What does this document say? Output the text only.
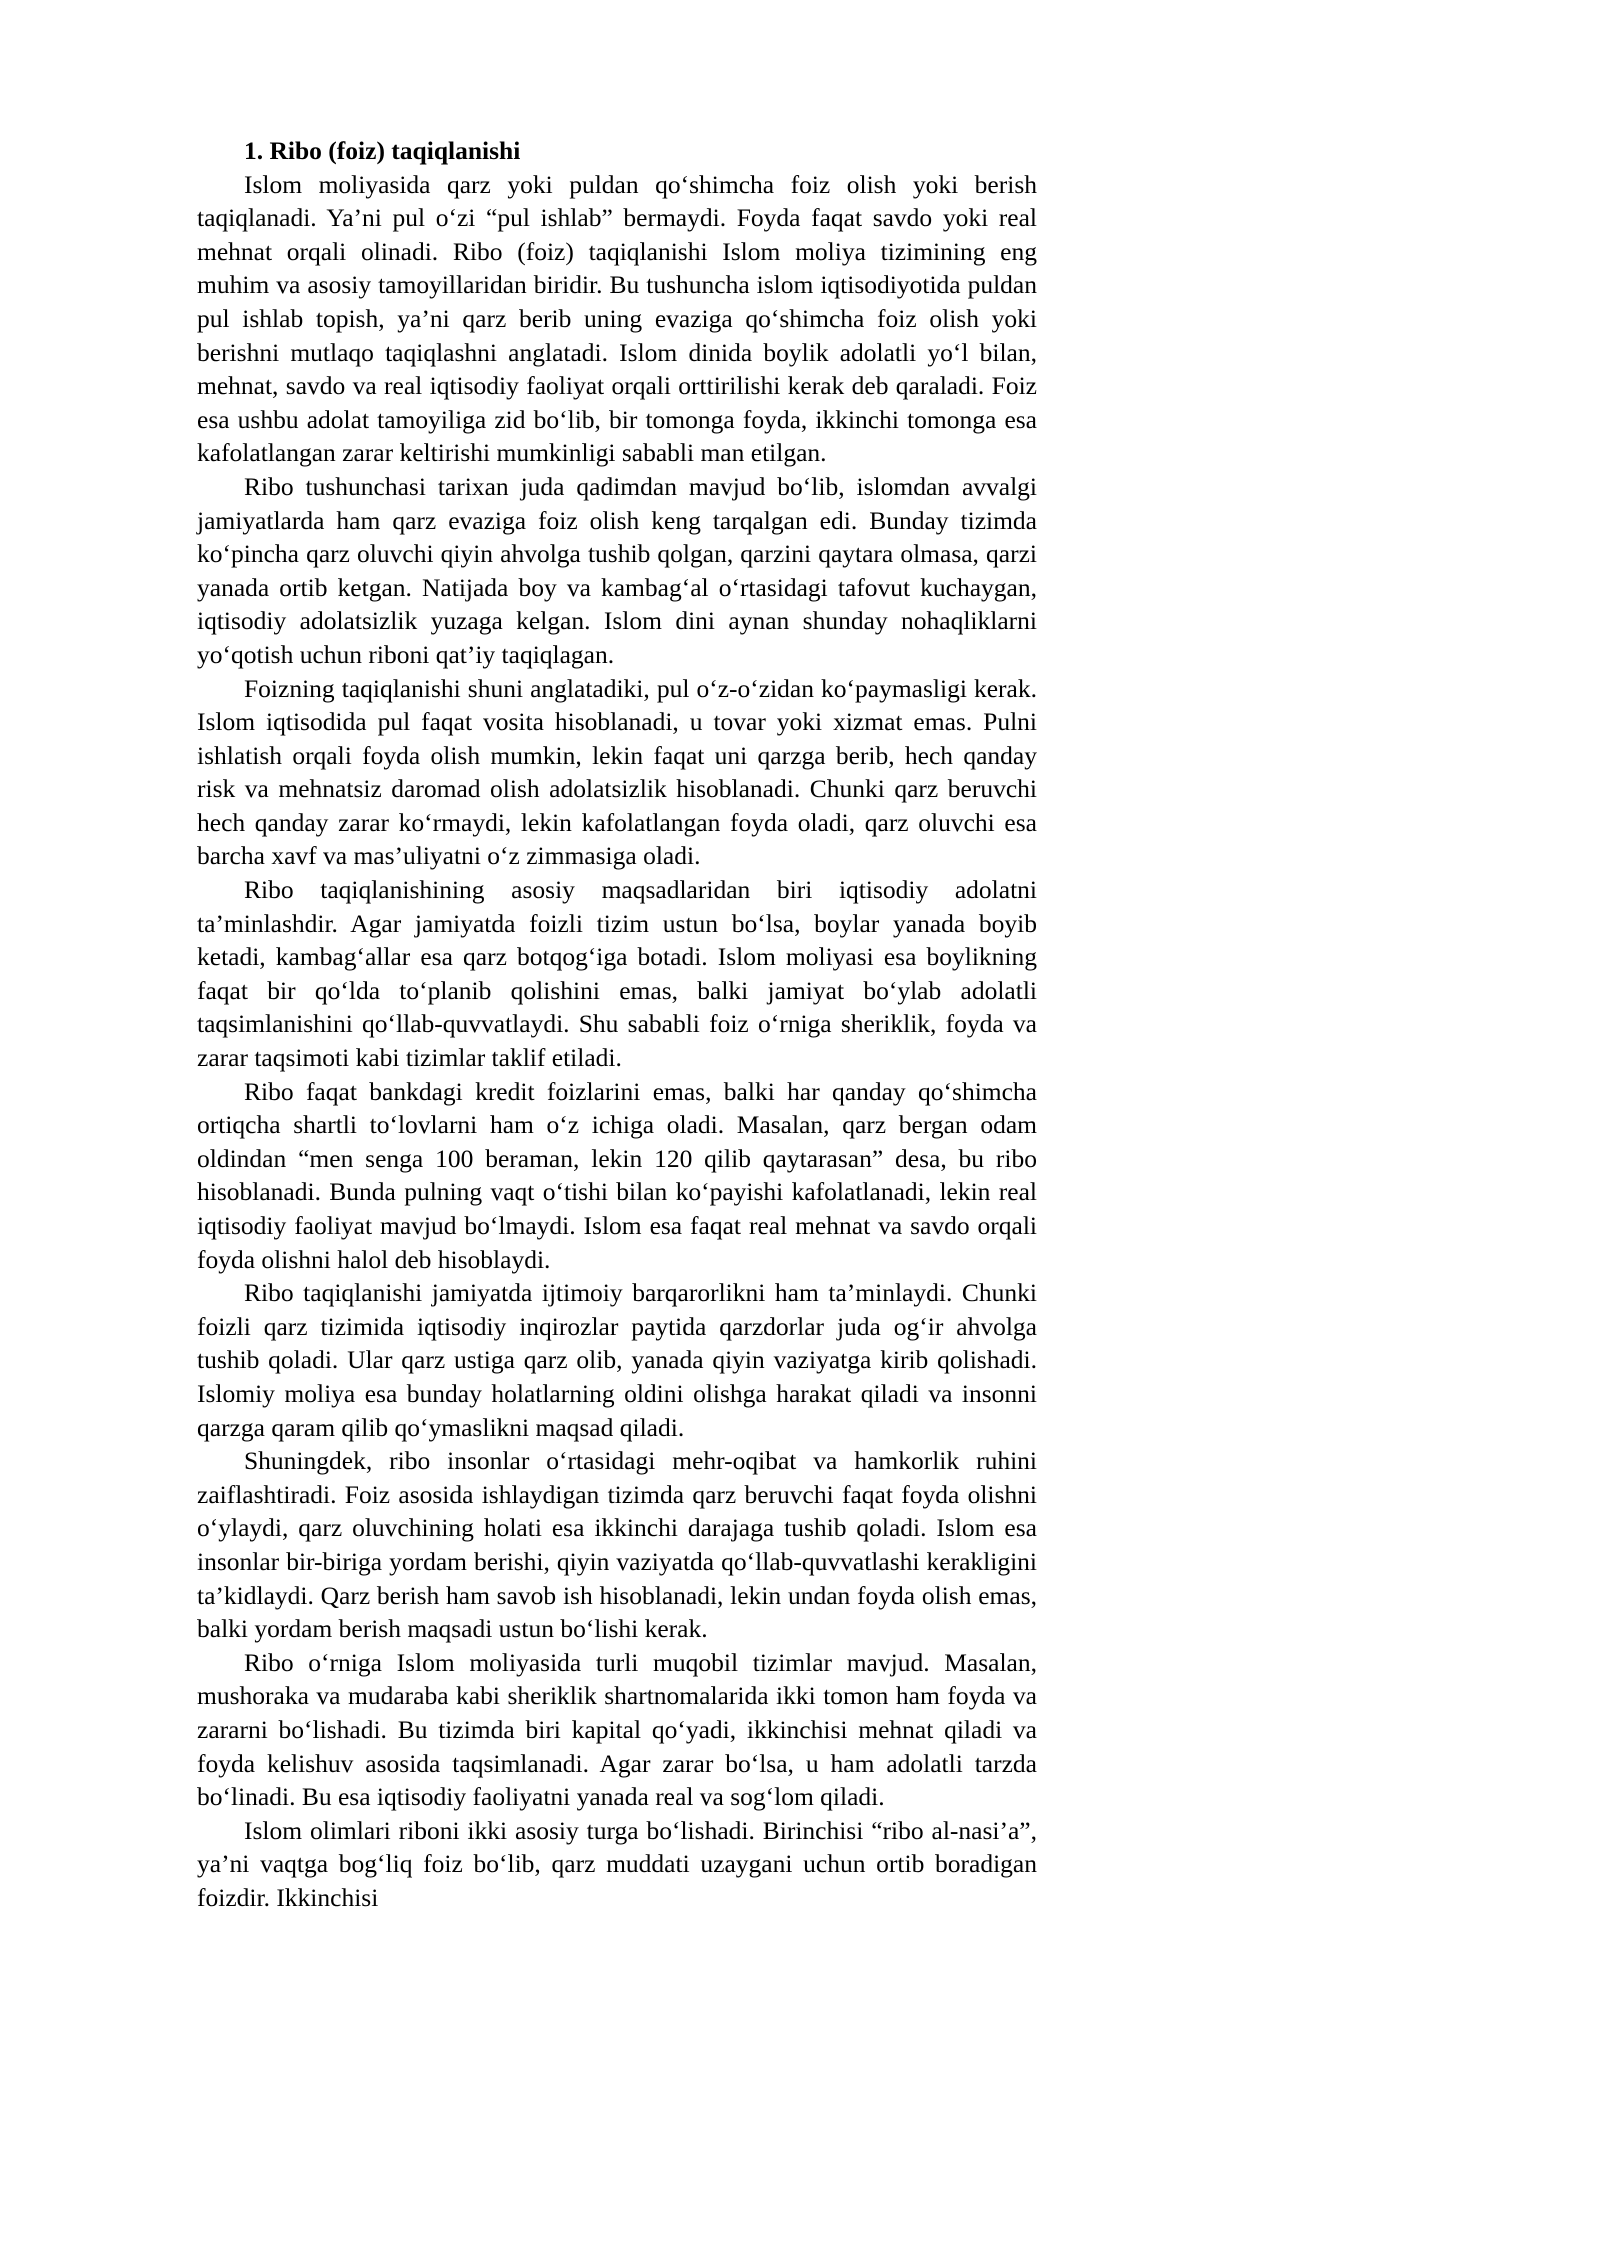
1. Ribo (foiz) taqiqlanishi

Islom moliyasida qarz yoki puldan qo‘shimcha foiz olish yoki berish taqiqlanadi. Ya’ni pul o‘zi “pul ishlab” bermaydi. Foyda faqat savdo yoki real mehnat orqali olinadi. Ribo (foiz) taqiqlanishi Islom moliya tizimining eng muhim va asosiy tamoyillaridan biridir. Bu tushuncha islom iqtisodiyotida puldan pul ishlab topish, ya’ni qarz berib uning evaziga qo‘shimcha foiz olish yoki berishni mutlaqo taqiqlashni anglatadi. Islom dinida boylik adolatli yo‘l bilan, mehnat, savdo va real iqtisodiy faoliyat orqali orttirilishi kerak deb qaraladi. Foiz esa ushbu adolat tamoyiliga zid bo‘lib, bir tomonga foyda, ikkinchi tomonga esa kafolatlangan zarar keltirishi mumkinligi sababli man etilgan.

Ribo tushunchasi tarixan juda qadimdan mavjud bo‘lib, islomdan avvalgi jamiyatlarda ham qarz evaziga foiz olish keng tarqalgan edi. Bunday tizimda ko‘pincha qarz oluvchi qiyin ahvolga tushib qolgan, qarzini qaytara olmasa, qarzi yanada ortib ketgan. Natijada boy va kambag‘al o‘rtasidagi tafovut kuchaygan, iqtisodiy adolatsizlik yuzaga kelgan. Islom dini aynan shunday nohaqliklarni yo‘qotish uchun riboni qat’iy taqiqlagan.

Foizning taqiqlanishi shuni anglatadiki, pul o‘z-o‘zidan ko‘paymasligi kerak. Islom iqtisodida pul faqat vosita hisoblanadi, u tovar yoki xizmat emas. Pulni ishlatish orqali foyda olish mumkin, lekin faqat uni qarzga berib, hech qanday risk va mehnatsiz daromad olish adolatsizlik hisoblanadi. Chunki qarz beruvchi hech qanday zarar ko‘rmaydi, lekin kafolatlangan foyda oladi, qarz oluvchi esa barcha xavf va mas’uliyatni o‘z zimmasiga oladi.

Ribo taqiqlanishining asosiy maqsadlaridan biri iqtisodiy adolatni ta’minlashdir. Agar jamiyatda foizli tizim ustun bo‘lsa, boylar yanada boyib ketadi, kambag‘allar esa qarz botqog‘iga botadi. Islom moliyasi esa boylikning faqat bir qo‘lda to‘planib qolishini emas, balki jamiyat bo‘ylab adolatli taqsimlanishini qo‘llab-quvvatlaydi. Shu sababli foiz o‘rniga sheriklik, foyda va zarar taqsimoti kabi tizimlar taklif etiladi.

Ribo faqat bankdagi kredit foizlarini emas, balki har qanday qo‘shimcha ortiqcha shartli to‘lovlarni ham o‘z ichiga oladi. Masalan, qarz bergan odam oldindan “men senga 100 beraman, lekin 120 qilib qaytarasan” desa, bu ribo hisoblanadi. Bunda pulning vaqt o‘tishi bilan ko‘payishi kafolatlanadi, lekin real iqtisodiy faoliyat mavjud bo‘lmaydi. Islom esa faqat real mehnat va savdo orqali foyda olishni halol deb hisoblaydi.

Ribo taqiqlanishi jamiyatda ijtimoiy barqarorlikni ham ta’minlaydi. Chunki foizli qarz tizimida iqtisodiy inqirozlar paytida qarzdorlar juda og‘ir ahvolga tushib qoladi. Ular qarz ustiga qarz olib, yanada qiyin vaziyatga kirib qolishadi. Islomiy moliya esa bunday holatlarning oldini olishga harakat qiladi va insonni qarzga qaram qilib qo‘ymaslikni maqsad qiladi.

Shuningdek, ribo insonlar o‘rtasidagi mehr-oqibat va hamkorlik ruhini zaiflashtiradi. Foiz asosida ishlaydigan tizimda qarz beruvchi faqat foyda olishni o‘ylaydi, qarz oluvchining holati esa ikkinchi darajaga tushib qoladi. Islom esa insonlar bir-biriga yordam berishi, qiyin vaziyatda qo‘llab-quvvatlashi kerakligini ta’kidlaydi. Qarz berish ham savob ish hisoblanadi, lekin undan foyda olish emas, balki yordam berish maqsadi ustun bo‘lishi kerak.

Ribo o‘rniga Islom moliyasida turli muqobil tizimlar mavjud. Masalan, mushoraka va mudaraba kabi sheriklik shartnomalarida ikki tomon ham foyda va zararni bo‘lishadi. Bu tizimda biri kapital qo‘yadi, ikkinchisi mehnat qiladi va foyda kelishuv asosida taqsimlanadi. Agar zarar bo‘lsa, u ham adolatli tarzda bo‘linadi. Bu esa iqtisodiy faoliyatni yanada real va sog‘lom qiladi.

Islom olimlari riboni ikki asosiy turga bo‘lishadi. Birinchisi “ribo al-nasi’a”, ya’ni vaqtga bog‘liq foiz bo‘lib, qarz muddati uzaygani uchun ortib boradigan foizdir. Ikkinchisi
